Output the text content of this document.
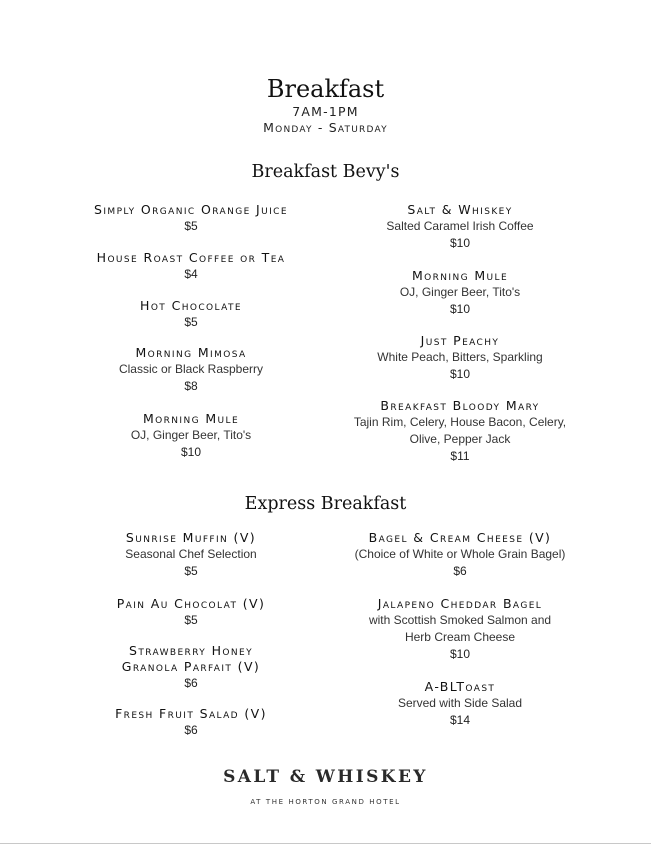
Breakfast
7AM-1PM
Monday - Saturday
Breakfast Bevy's
Simply Organic Orange Juice
$5
House Roast Coffee or Tea
$4
Hot Chocolate
$5
Morning Mimosa
Classic or Black Raspberry
$8
Morning Mule
OJ, Ginger Beer, Tito's
$10
Salt & Whiskey
Salted Caramel Irish Coffee
$10
Morning Mule
OJ, Ginger Beer, Tito's
$10
Just Peachy
White Peach, Bitters, Sparkling
$10
Breakfast Bloody Mary
Tajin Rim, Celery, House Bacon, Celery,
Olive, Pepper Jack
$11
Express Breakfast
Sunrise Muffin (V)
Seasonal Chef Selection
$5
Pain Au Chocolat (V)
$5
Strawberry Honey
Granola Parfait (V)
$6
Fresh Fruit Salad (V)
$6
Bagel & Cream Cheese (V)
(Choice of White or Whole Grain Bagel)
$6
Jalapeno Cheddar Bagel
with Scottish Smoked Salmon and
Herb Cream Cheese
$10
A-BLToast
Served with Side Salad
$14
SALT & WHISKEY
AT THE HORTON GRAND HOTEL
